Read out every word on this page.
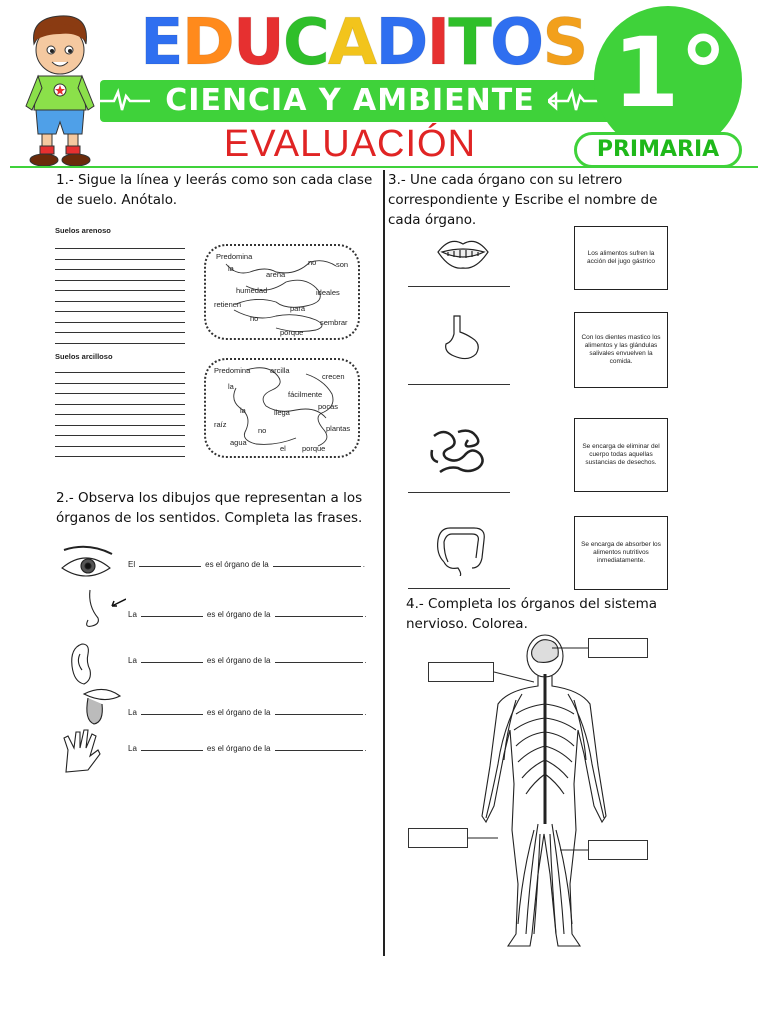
E D U C A D I T O S
CIENCIA Y AMBIENTE 1°
PRIMARIA
EVALUACIÓN
1.- Sigue la línea y leerás como son cada clase de suelo. Anótalo.
Suelos arenoso
Suelos arcilloso
Predomina
la
arena
no	son
humedad	ideales
retienen	para
no	sembrar
porque
Predomina	arcilla
crecen
la
fácilmente
la	pocas
llega
raíz	plantas
no
agua
el porque
2.- Observa los dibujos que representan a los órganos de los sentidos. Completa las frases.
El	es el órgano de la	.
La	es el órgano de la	.
La	es el órgano de la	.
La	es el órgano de la	.
La	es el órgano de la	.
3.- Une cada órgano con su letrero correspondiente y Escribe el nombre de cada órgano.
Los alimentos sufren la acción del jugo gástrico
Con los dientes mastico los alimentos y las glándulas salivales envuelven la comida.
Se encarga de eliminar del cuerpo todas aquellas sustancias de desechos.
Se encarga de absorber los alimentos nutritivos inmediatamente.
4.- Completa los órganos del sistema nervioso. Colorea.
